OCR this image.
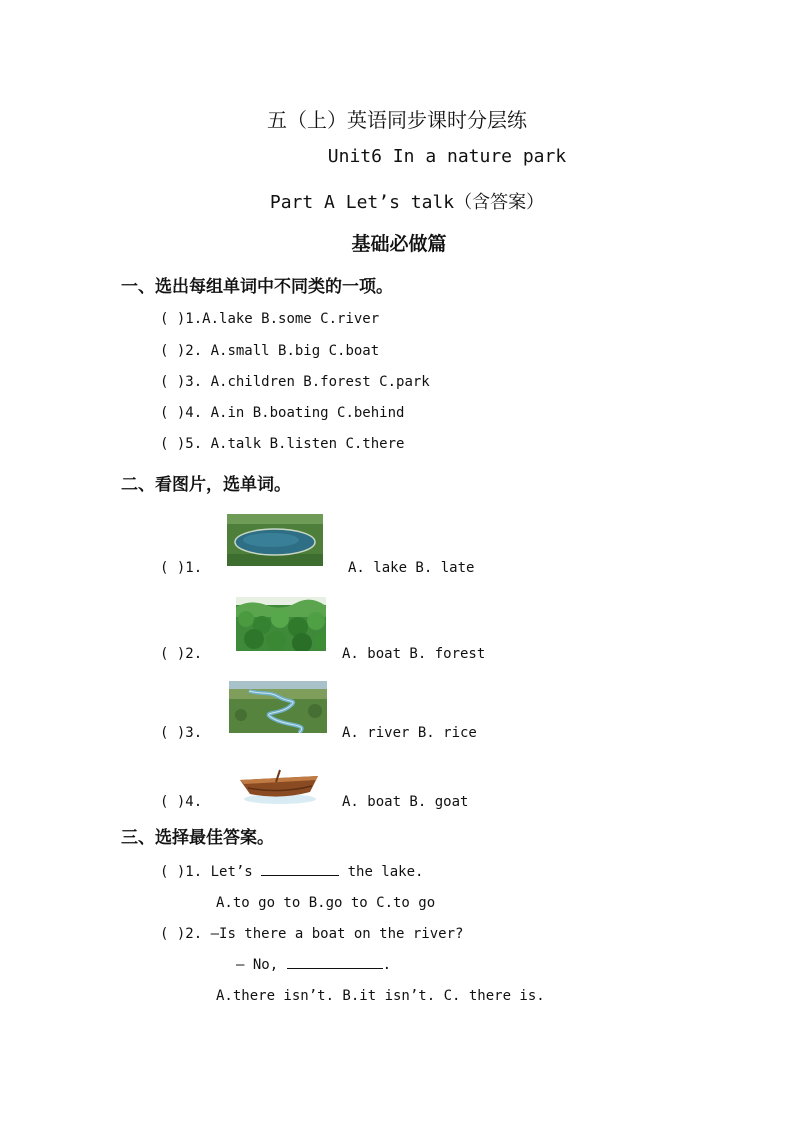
五（上）英语同步课时分层练
Unit6 In a nature park
Part A Let’s talk（含答案）
基础必做篇
一、选出每组单词中不同类的一项。
( )1.A.lake B.some C.river
( )2. A.small B.big C.boat
( )3. A.children B.forest C.park
( )4. A.in B.boating C.behind
( )5. A.talk B.listen C.there
二、看图片，选单词。
( )1.	A. lake B. late
( )2.	A. boat B. forest
( )3.	A. river B. rice
( )4.	A. boat B. goat
三、选择最佳答案。
( )1. Let’s	the lake.
A.to go to B.go to C.to go
( )2. –Is there a boat on the river?
– No,	.
A.there isn’t. B.it isn’t. C. there is.
